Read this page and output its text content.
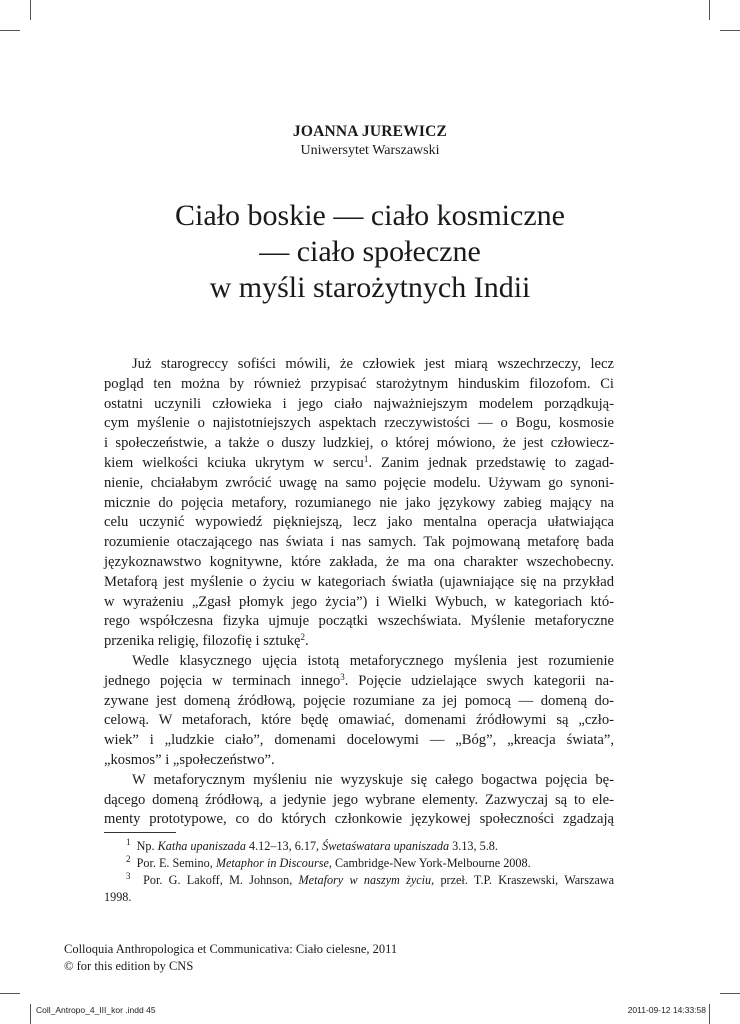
JOANNA JUREWICZ
Uniwersytet Warszawski
Ciało boskie — ciało kosmiczne
— ciało społeczne
w myśli starożytnych Indii
Już starogreccy sofiści mówili, że człowiek jest miarą wszechrzeczy, lecz
pogląd ten można by również przypisać starożytnym hinduskim filozofom. Ci
ostatni uczynili człowieka i jego ciało najważniejszym modelem porządkują-
cym myślenie o najistotniejszych aspektach rzeczywistości — o Bogu, kosmosie
i społeczeństwie, a także o duszy ludzkiej, o której mówiono, że jest człowiecz-
kiem wielkości kciuka ukrytym w sercu$^1$. Zanim jednak przedstawię to zagad-
nienie, chciałabym zwrócić uwagę na samo pojęcie modelu. Używam go synoni-
micznie do pojęcia metafory, rozumianego nie jako językowy zabieg mający na
celu uczynić wypowiedź piękniejszą, lecz jako mentalna operacja ułatwiająca
rozumienie otaczającego nas świata i nas samych. Tak pojmowaną metaforę bada
językoznawstwo kognitywne, które zakłada, że ma ona charakter wszechobecny.
Metaforą jest myślenie o życiu w kategoriach światła (ujawniające się na przykład
w wyrażeniu „Zgasł płomyk jego życia”) i Wielki Wybuch, w kategoriach któ-
rego współczesna fizyka ujmuje początki wszechświata. Myślenie metaforyczne
przenika religię, filozofię i sztukę$^2$.
Wedle klasycznego ujęcia istotą metaforycznego myślenia jest rozumienie
jednego pojęcia w terminach innego$^3$. Pojęcie udzielające swych kategorii na-
zywane jest domeną źródłową, pojęcie rozumiane za jej pomocą — domeną do-
celową. W metaforach, które będę omawiać, domenami źródłowymi są „czło-
wiek” i „ludzkie ciało”, domenami docelowymi — „Bóg”, „kreacja świata”,
„kosmos” i „społeczeństwo”.
W metaforycznym myśleniu nie wyzyskuje się całego bogactwa pojęcia bę-
dącego domeną źródłową, a jedynie jego wybrane elementy. Zazwyczaj są to ele-
menty prototypowe, co do których członkowie językowej społeczności zgadzają
$^1$ Np. Katha upaniszada 4.12–13, 6.17, Śwetaśwatara upaniszada 3.13, 5.8.
$^2$ Por. E. Semino, Metaphor in Discourse, Cambridge-New York-Melbourne 2008.
$^3$ Por. G. Lakoff, M. Johnson, Metafory w naszym życiu, przeł. T.P. Kraszewski, Warszawa
1998.
Colloquia Anthropologica et Communicativa: Ciało cielesne, 2011
© for this edition by CNS
Coll_Antropo_4_III_kor .indd 45	2011-09-12 14:33:58
